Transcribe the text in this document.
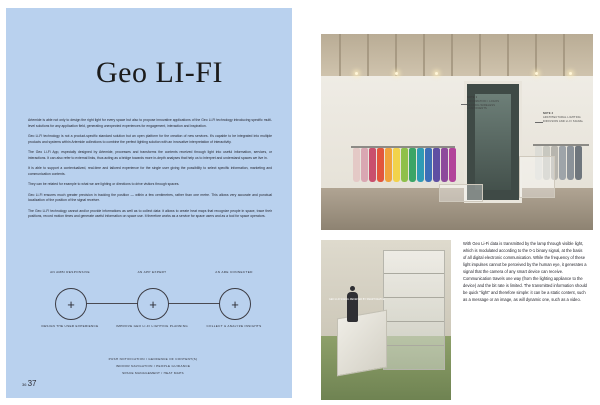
Geo LI-FI

Artemide is able not only to design the right light for every space but also to propose innovative applications of the Geo Li-Fi technology introducing specific multi-level solutions for any application field, generating unexpected experiences for engagement, interaction and inspiration.

Geo Li-Fi technology is not a product-specific standard solution but an open platform for the creation of new services. It's capable to be integrated into multiple products and systems within Artemide collections to combine the perfect lighting solution with an innovative interpretation of interactivity.

The Geo Li-Fi App, especially designed by Artemide, processes and transforms the contents received through light into useful information, services, or interactions. It can also refer to external links, thus acting as a bridge towards more in-depth analyses that help us to interpret and understand spaces we live in.

It is able to support a contextualized, real-time and tailored experience for the single user giving the possibility to select specific information, marketing and communication contents.

They can be related for example to what we are lighting or directions to drive visitors through spaces.

Geo Li-Fi ensures much greater precision in tracking the position — within a few centimetres, rather than one metre. This allows very accurate and punctual localization of the position of the signal receiver.

The Geo Li-Fi technology cannot and/or provide informations as well as to collect data: it allows to create heat maps that recognize people in space, trace their positions, record motion times and generate useful information on space use. It therefore works as a service for space users and as a tool for space operators.

AN AMBI RESPONSIVE	AN APP EXPERT	AN ARE CONNECTED
+	+	+
DESIGN THE USER EXPERIENCE	IMPROVE GEO LI-FI LIGHTING PLANNING	COLLECT & ANALYZE INSIGHTS
PUSH NOTIFICATION / GEOFENCE OF CONTENT(S)
INDOOR NAVIGATION / PEOPLE GUIDANCE
SPACE MANAGEMENT / HEAT MAPS
36 37
NOTE 1
INFORMATION / LOGOS SENSING WIRELESS COMPONENTS
NOTE 2
ARCHITECTURAL LIGHTING DIFFUSION AND LI-FI SIGNAL
GEO LI-FI SIGNAL RECEIVED BY SMART DEVICE
With Geo Li-Fi data is transmitted by the lamp through visible light, which is modulated according to the 0-1 binary signal, at the basis of all digital electronic communication. While the frequency of these light impulses cannot be perceived by the human eye, it generates a signal that the camera of any smart device can receive. Communication travels one way (from the lighting appliance to the device) and the bit rate is limited. The transmitted information should be quick "light" and therefore simple: it can be a static content, such as a message or an image, as will dynamic one, such as a video.
